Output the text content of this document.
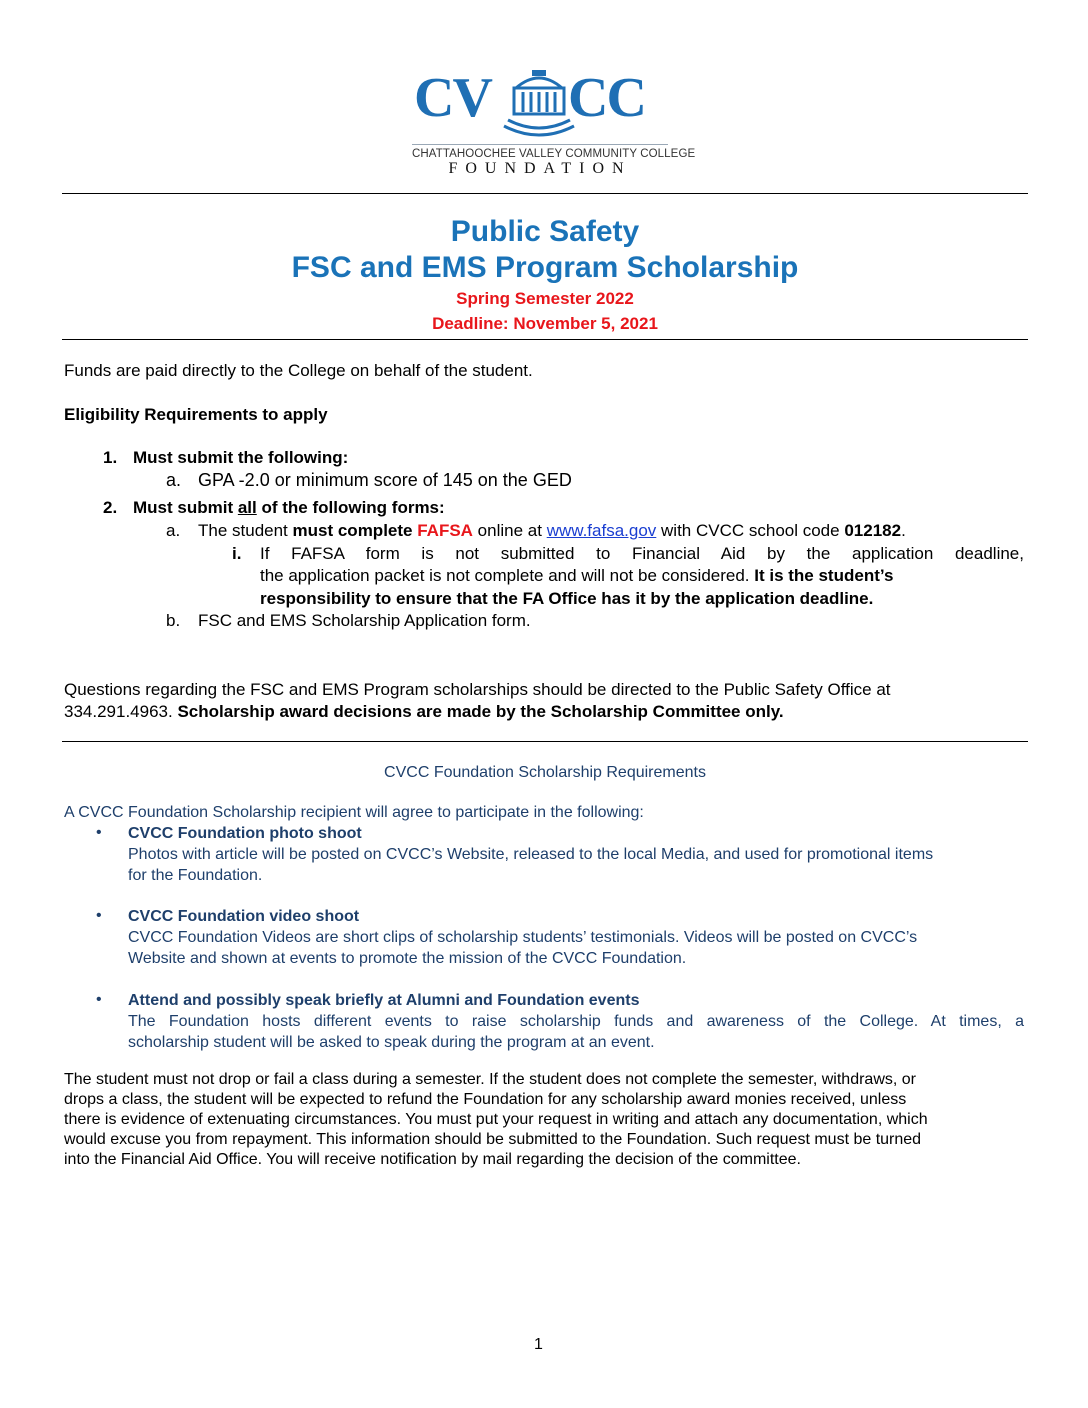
CV CC
CHATTAHOOCHEE VALLEY COMMUNITY COLLEGE
FOUNDATION
Public Safety
FSC and EMS Program Scholarship
Spring Semester 2022
Deadline: November 5, 2021
Funds are paid directly to the College on behalf of the student.
Eligibility Requirements to apply
1. Must submit the following:
a. GPA -2.0 or minimum score of 145 on the GED
2. Must submit all of the following forms:
a. The student must complete FAFSA online at www.fafsa.gov with CVCC school code 012182.
i. If FAFSA form is not submitted to Financial Aid by the application deadline,
the application packet is not complete and will not be considered. It is the student’s
responsibility to ensure that the FA Office has it by the application deadline.
b. FSC and EMS Scholarship Application form.
Questions regarding the FSC and EMS Program scholarships should be directed to the Public Safety Office at
334.291.4963. Scholarship award decisions are made by the Scholarship Committee only.
CVCC Foundation Scholarship Requirements
A CVCC Foundation Scholarship recipient will agree to participate in the following:
• CVCC Foundation photo shoot
Photos with article will be posted on CVCC’s Website, released to the local Media, and used for promotional items
for the Foundation.
• CVCC Foundation video shoot
CVCC Foundation Videos are short clips of scholarship students’ testimonials. Videos will be posted on CVCC’s
Website and shown at events to promote the mission of the CVCC Foundation.
• Attend and possibly speak briefly at Alumni and Foundation events
The Foundation hosts different events to raise scholarship funds and awareness of the College. At times, a
scholarship student will be asked to speak during the program at an event.
The student must not drop or fail a class during a semester. If the student does not complete the semester, withdraws, or
drops a class, the student will be expected to refund the Foundation for any scholarship award monies received, unless
there is evidence of extenuating circumstances. You must put your request in writing and attach any documentation, which
would excuse you from repayment. This information should be submitted to the Foundation. Such request must be turned
into the Financial Aid Office. You will receive notification by mail regarding the decision of the committee.
1
